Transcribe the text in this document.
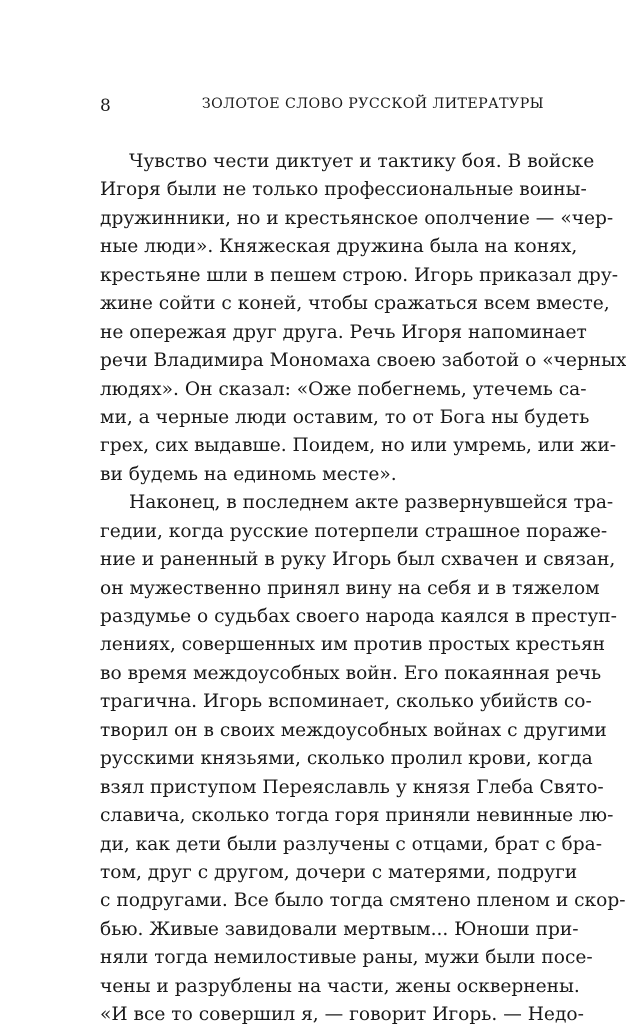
8	ЗОЛОТОЕ СЛОВО РУССКОЙ ЛИТЕРАТУРЫ
Чувство чести диктует и тактику боя. В войске
Игоря были не только профессиональные воины-
дружинники, но и крестьянское ополчение — «чер-
ные люди». Княжеская дружина была на конях,
крестьяне шли в пешем строю. Игорь приказал дру-
жине сойти с коней, чтобы сражаться всем вместе,
не опережая друг друга. Речь Игоря напоминает
речи Владимира Мономаха своею заботой о «черных
людях». Он сказал: «Оже побегнемь, утечемь са-
ми, а черные люди оставим, то от Бога ны будеть
грех, сих выдавше. Поидем, но или умремь, или жи-
ви будемь на единомь месте».
Наконец, в последнем акте развернувшейся тра-
гедии, когда русские потерпели страшное пораже-
ние и раненный в руку Игорь был схвачен и связан,
он мужественно принял вину на себя и в тяжелом
раздумье о судьбах своего народа каялся в преступ-
лениях, совершенных им против простых крестьян
во время междоусобных войн. Его покаянная речь
трагична. Игорь вспоминает, сколько убийств со-
творил он в своих междоусобных войнах с другими
русскими князьями, сколько пролил крови, когда
взял приступом Переяславль у князя Глеба Свято-
славича, сколько тогда горя приняли невинные лю-
ди, как дети были разлучены с отцами, брат с бра-
том, друг с другом, дочери с матерями, подруги
с подругами. Все было тогда смятено пленом и скор-
бью. Живые завидовали мертвым... Юноши при-
няли тогда немилостивые раны, мужи были посе-
чены и разрублены на части, жены осквернены.
«И все то совершил я, — говорит Игорь. — Недо-
